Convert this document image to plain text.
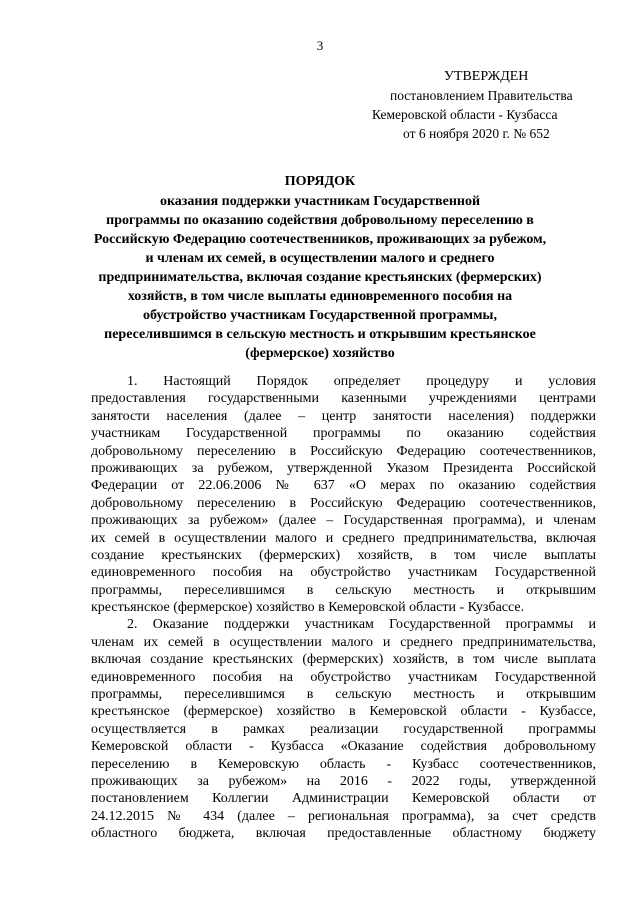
3
УТВЕРЖДЕН
постановлением Правительства
Кемеровской области - Кузбасса
от 6 ноября 2020 г. № 652
ПОРЯДОК
оказания поддержки участникам Государственной
программы по оказанию содействия добровольному переселению в
Российскую Федерацию соотечественников, проживающих за рубежом,
и членам их семей, в осуществлении малого и среднего
предпринимательства, включая создание крестьянских (фермерских)
хозяйств, в том числе выплаты единовременного пособия на
обустройство участникам Государственной программы,
переселившимся в сельскую местность и открывшим крестьянское
(фермерское) хозяйство
1. Настоящий Порядок определяет процедуру и условия
предоставления государственными казенными учреждениями центрами
занятости населения (далее – центр занятости населения) поддержки
участникам Государственной программы по оказанию содействия
добровольному переселению в Российскую Федерацию соотечественников,
проживающих за рубежом, утвержденной Указом Президента Российской
Федерации от 22.06.2006 № 637 «О мерах по оказанию содействия
добровольному переселению в Российскую Федерацию соотечественников,
проживающих за рубежом» (далее – Государственная программа), и членам
их семей в осуществлении малого и среднего предпринимательства, включая
создание крестьянских (фермерских) хозяйств, в том числе выплаты
единовременного пособия на обустройство участникам Государственной
программы, переселившимся в сельскую местность и открывшим
крестьянское (фермерское) хозяйство в Кемеровской области - Кузбассе.
2. Оказание поддержки участникам Государственной программы и
членам их семей в осуществлении малого и среднего предпринимательства,
включая создание крестьянских (фермерских) хозяйств, в том числе выплата
единовременного пособия на обустройство участникам Государственной
программы, переселившимся в сельскую местность и открывшим
крестьянское (фермерское) хозяйство в Кемеровской области - Кузбассе,
осуществляется в рамках реализации государственной программы
Кемеровской области - Кузбасса «Оказание содействия добровольному
переселению в Кемеровскую область - Кузбасс соотечественников,
проживающих за рубежом» на 2016 - 2022 годы, утвержденной
постановлением Коллегии Администрации Кемеровской области от
24.12.2015 № 434 (далее – региональная программа), за счет средств
областного бюджета, включая предоставленные областному бюджету
